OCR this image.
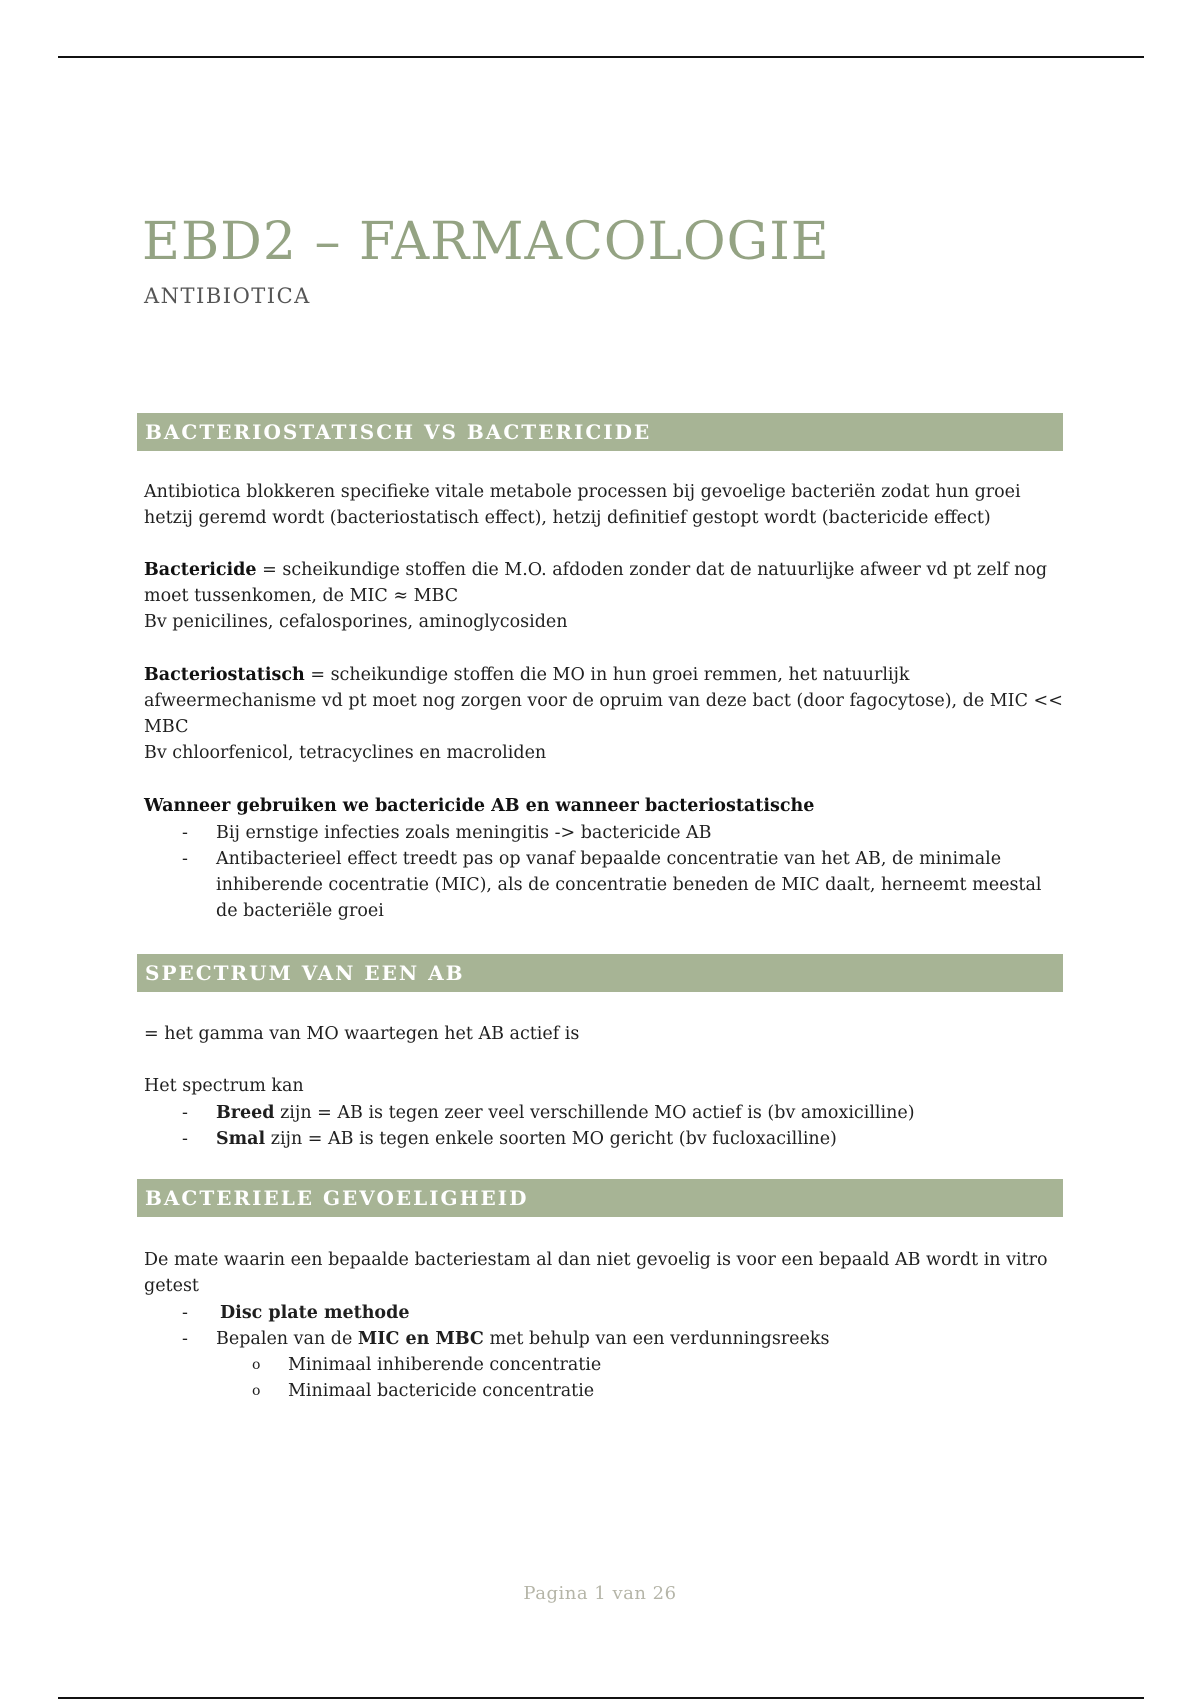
EBD2 – FARMACOLOGIE
ANTIBIOTICA
BACTERIOSTATISCH VS BACTERICIDE

Antibiotica blokkeren specifieke vitale metabole processen bij gevoelige bacteriën zodat hun groei hetzij geremd wordt (bacteriostatisch effect), hetzij definitief gestopt wordt (bactericide effect)

Bactericide = scheikundige stoffen die M.O. afdoden zonder dat de natuurlijke afweer vd pt zelf nog moet tussenkomen, de MIC ≈ MBC
Bv penicilines, cefalosporines, aminoglycosiden

Bacteriostatisch = scheikundige stoffen die MO in hun groei remmen, het natuurlijk afweermechanisme vd pt moet nog zorgen voor de opruim van deze bact (door fagocytose), de MIC << MBC
Bv chloorfenicol, tetracyclines en macroliden

Wanneer gebruiken we bactericide AB en wanneer bacteriostatische

- Bij ernstige infecties zoals meningitis -> bactericide AB
- Antibacterieel effect treedt pas op vanaf bepaalde concentratie van het AB, de minimale inhiberende cocentratie (MIC), als de concentratie beneden de MIC daalt, herneemt meestal de bacteriële groei
SPECTRUM VAN EEN AB

= het gamma van MO waartegen het AB actief is

Het spectrum kan

- Breed zijn = AB is tegen zeer veel verschillende MO actief is (bv amoxicilline)
- Smal zijn = AB is tegen enkele soorten MO gericht (bv fucloxacilline)
BACTERIELE GEVOELIGHEID

De mate waarin een bepaalde bacteriestam al dan niet gevoelig is voor een bepaald AB wordt in vitro getest

- Disc plate methode
- Bepalen van de MIC en MBC met behulp van een verdunningsreeks
o Minimaal inhiberende concentratie
o Minimaal bactericide concentratie
Pagina 1 van 26
